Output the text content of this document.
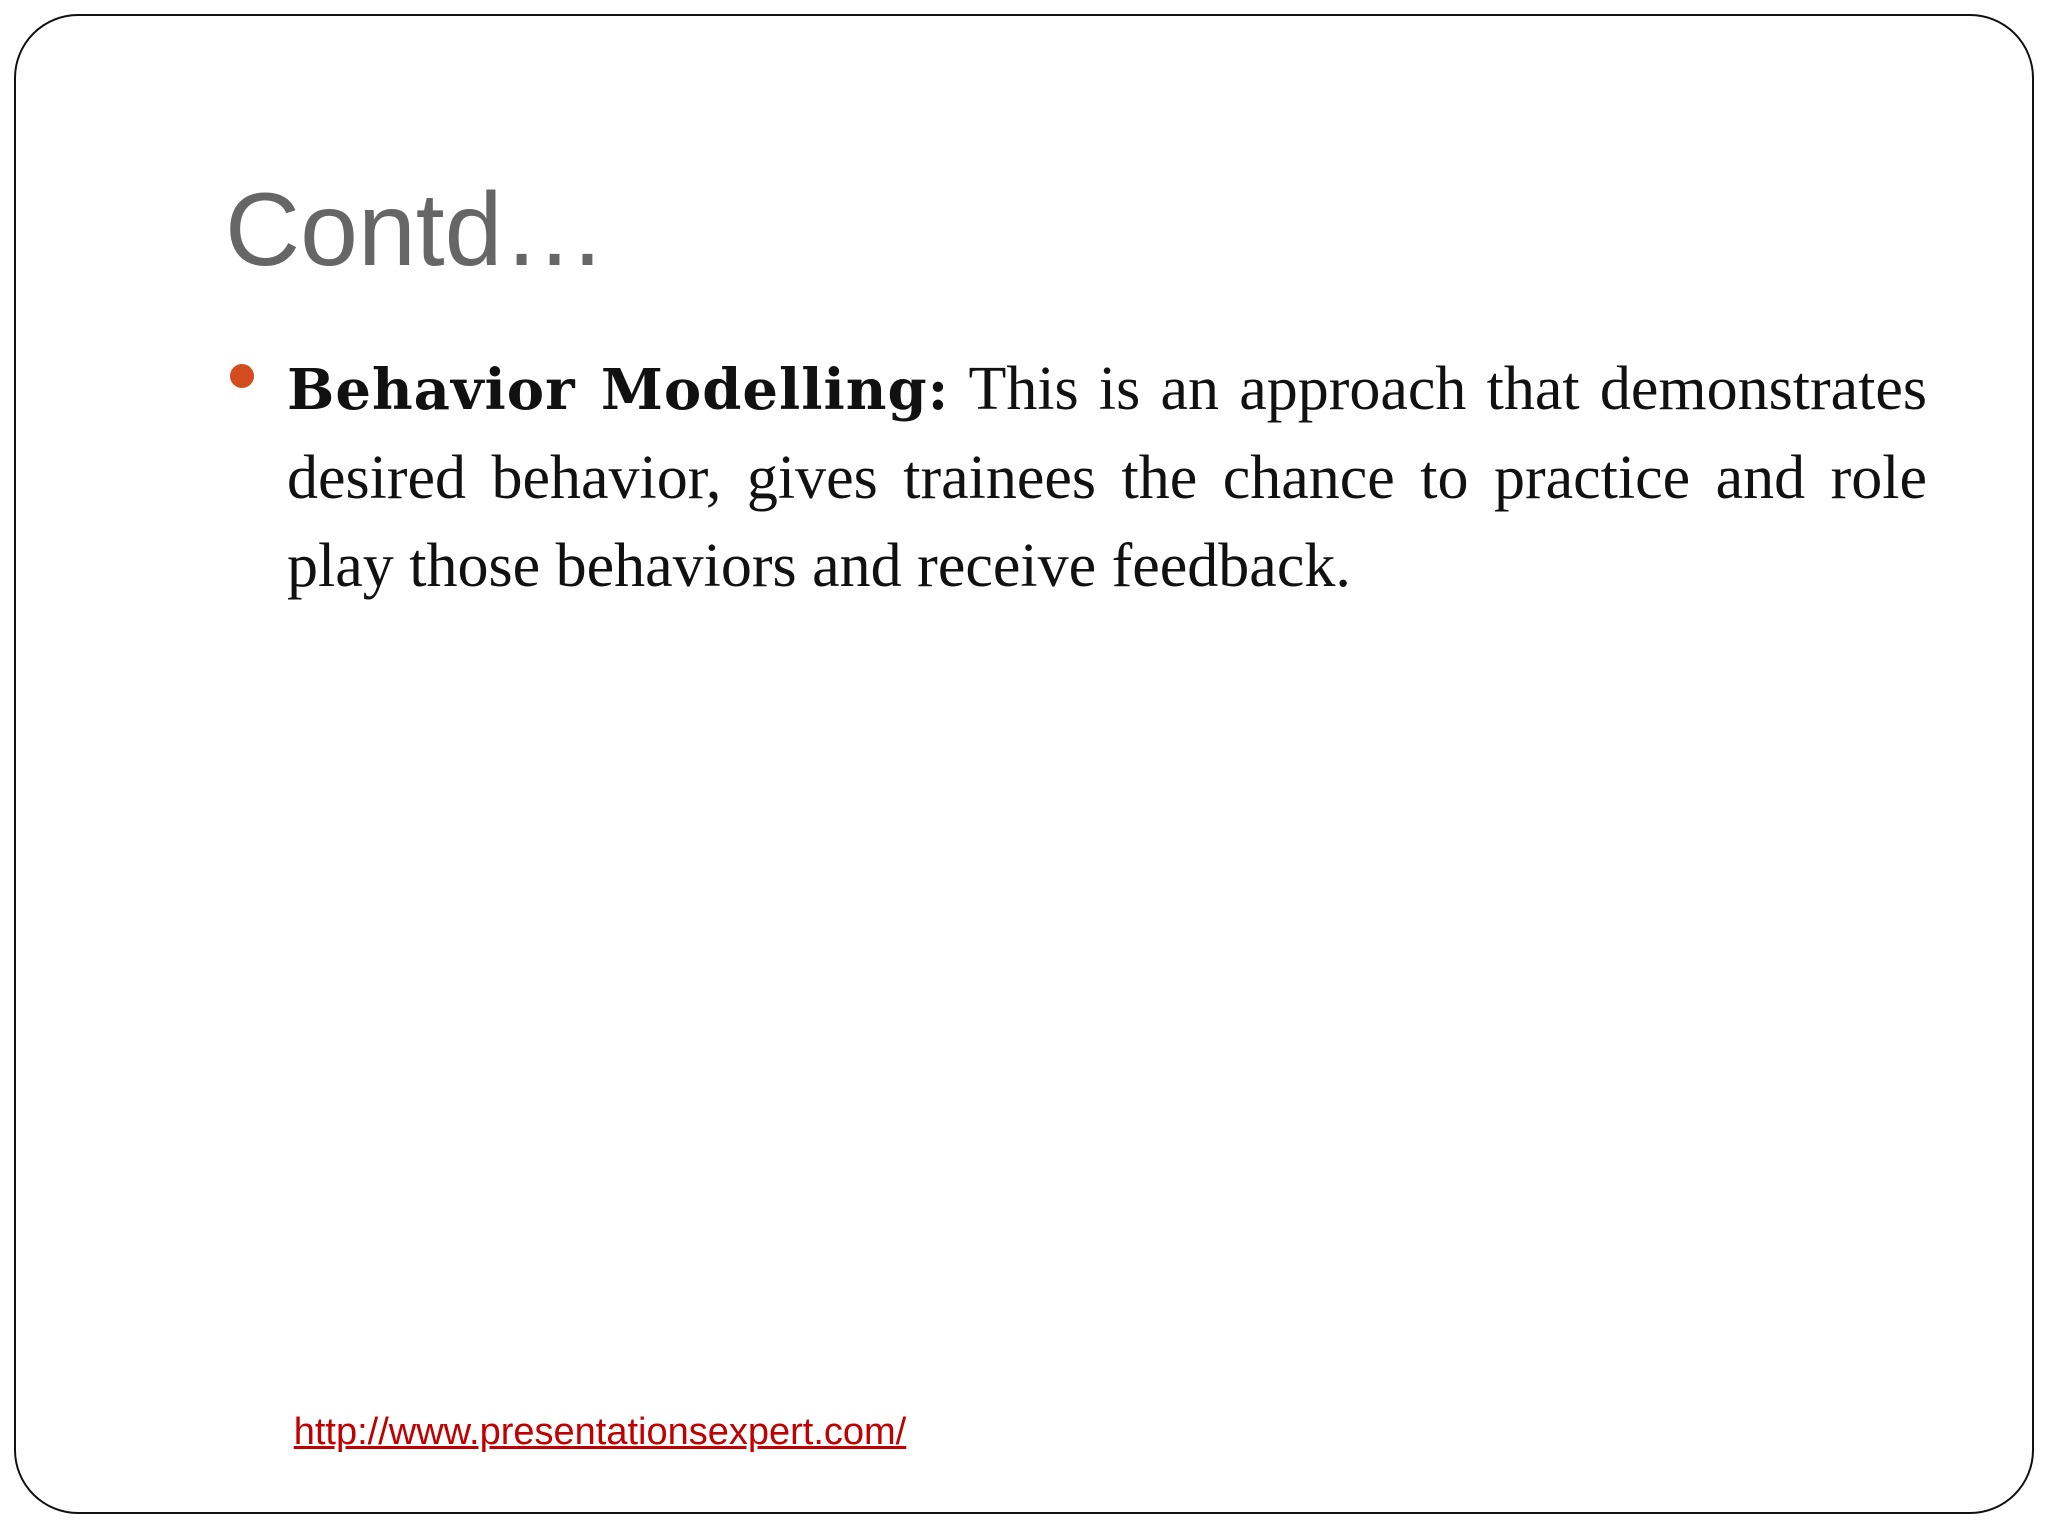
Contd…

Behavior Modelling: This is an approach that demonstrates desired behavior, gives trainees the chance to practice and role play those behaviors and receive feedback.

http://www.presentationsexpert.com/
